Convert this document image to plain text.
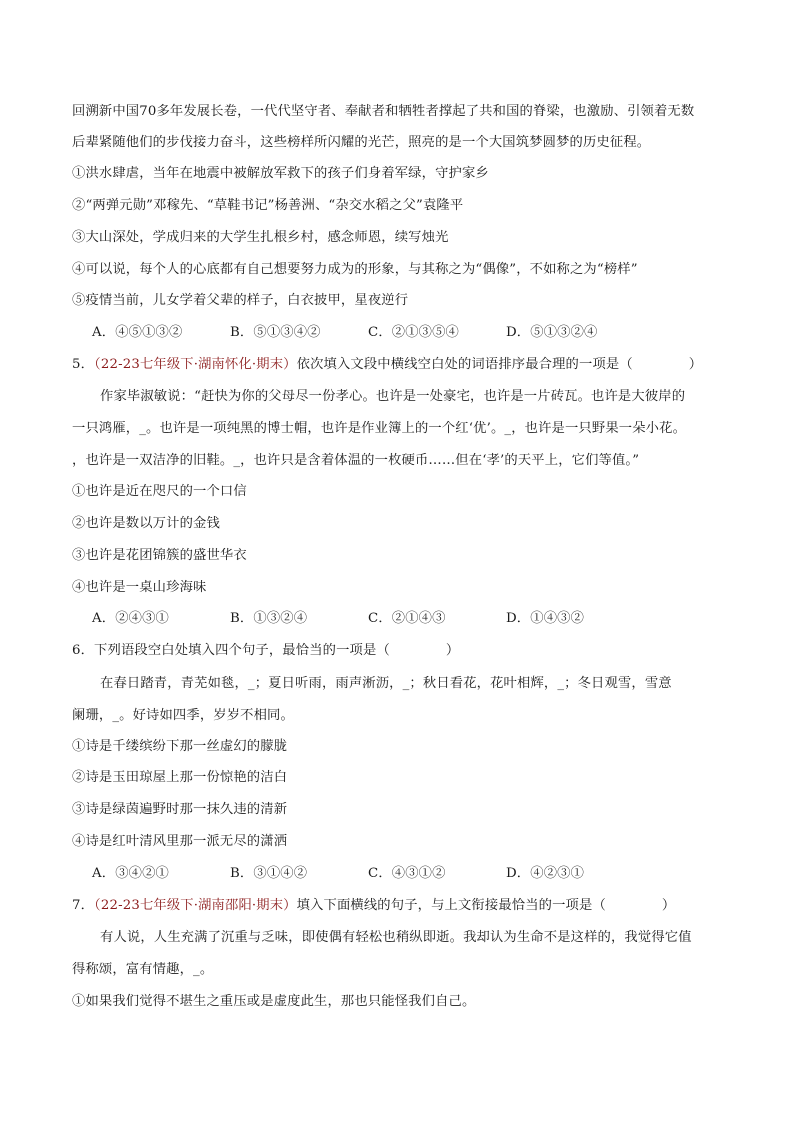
回溯新中国70多年发展长卷，一代代坚守者、奉献者和牺牲者撑起了共和国的脊梁，也激励、引领着无数
后辈紧随他们的步伐接力奋斗，这些榜样所闪耀的光芒，照亮的是一个大国筑梦圆梦的历史征程。
①洪水肆虐，当年在地震中被解放军救下的孩子们身着军绿，守护家乡
②“两弹元勋”邓稼先、“草鞋书记”杨善洲、“杂交水稻之父”袁隆平
③大山深处，学成归来的大学生扎根乡村，感念师恩，续写烛光
④可以说，每个人的心底都有自己想要努力成为的形象，与其称之为“偶像”，不如称之为“榜样”
⑤疫情当前，儿女学着父辈的样子，白衣披甲，星夜逆行
A．④⑤①③②	B．⑤①③④②	C．②①③⑤④	D．⑤①③②④
5．（22-23七年级下·湖南怀化·期末）依次填入文段中横线空白处的词语排序最合理的一项是（	）
作家毕淑敏说：“赶快为你的父母尽一份孝心。也许是一处豪宅，也许是一片砖瓦。也许是大彼岸的
一只鸿雁，_。也许是一项纯黑的博士帽，也许是作业簿上的一个红‘优’。_，也许是一只野果一朵小花。
，也许是一双洁净的旧鞋。_，也许只是含着体温的一枚硬币……但在‘孝’的天平上，它们等值。”
①也许是近在咫尺的一个口信
②也许是数以万计的金钱
③也许是花团锦簇的盛世华衣
④也许是一桌山珍海味
A．②④③①	B．①③②④	C．②①④③	D．①④③②
6．下列语段空白处填入四个句子，最恰当的一项是（	）
在春日踏青，青芜如毯，_；夏日听雨，雨声淅沥，_；秋日看花，花叶相辉，_；冬日观雪，雪意
阑珊，_。好诗如四季，岁岁不相同。
①诗是千缕缤纷下那一丝虚幻的朦胧
②诗是玉田琼屋上那一份惊艳的洁白
③诗是绿茵遍野时那一抹久违的清新
④诗是红叶清风里那一派无尽的潇洒
A．③④②①	B．③①④②	C．④③①②	D．④②③①
7．（22-23七年级下·湖南邵阳·期末）填入下面横线的句子，与上文衔接最恰当的一项是（	）
有人说，人生充满了沉重与乏味，即使偶有轻松也稍纵即逝。我却认为生命不是这样的，我觉得它值
得称颂，富有情趣，_。
①如果我们觉得不堪生之重压或是虚度此生，那也只能怪我们自己。
